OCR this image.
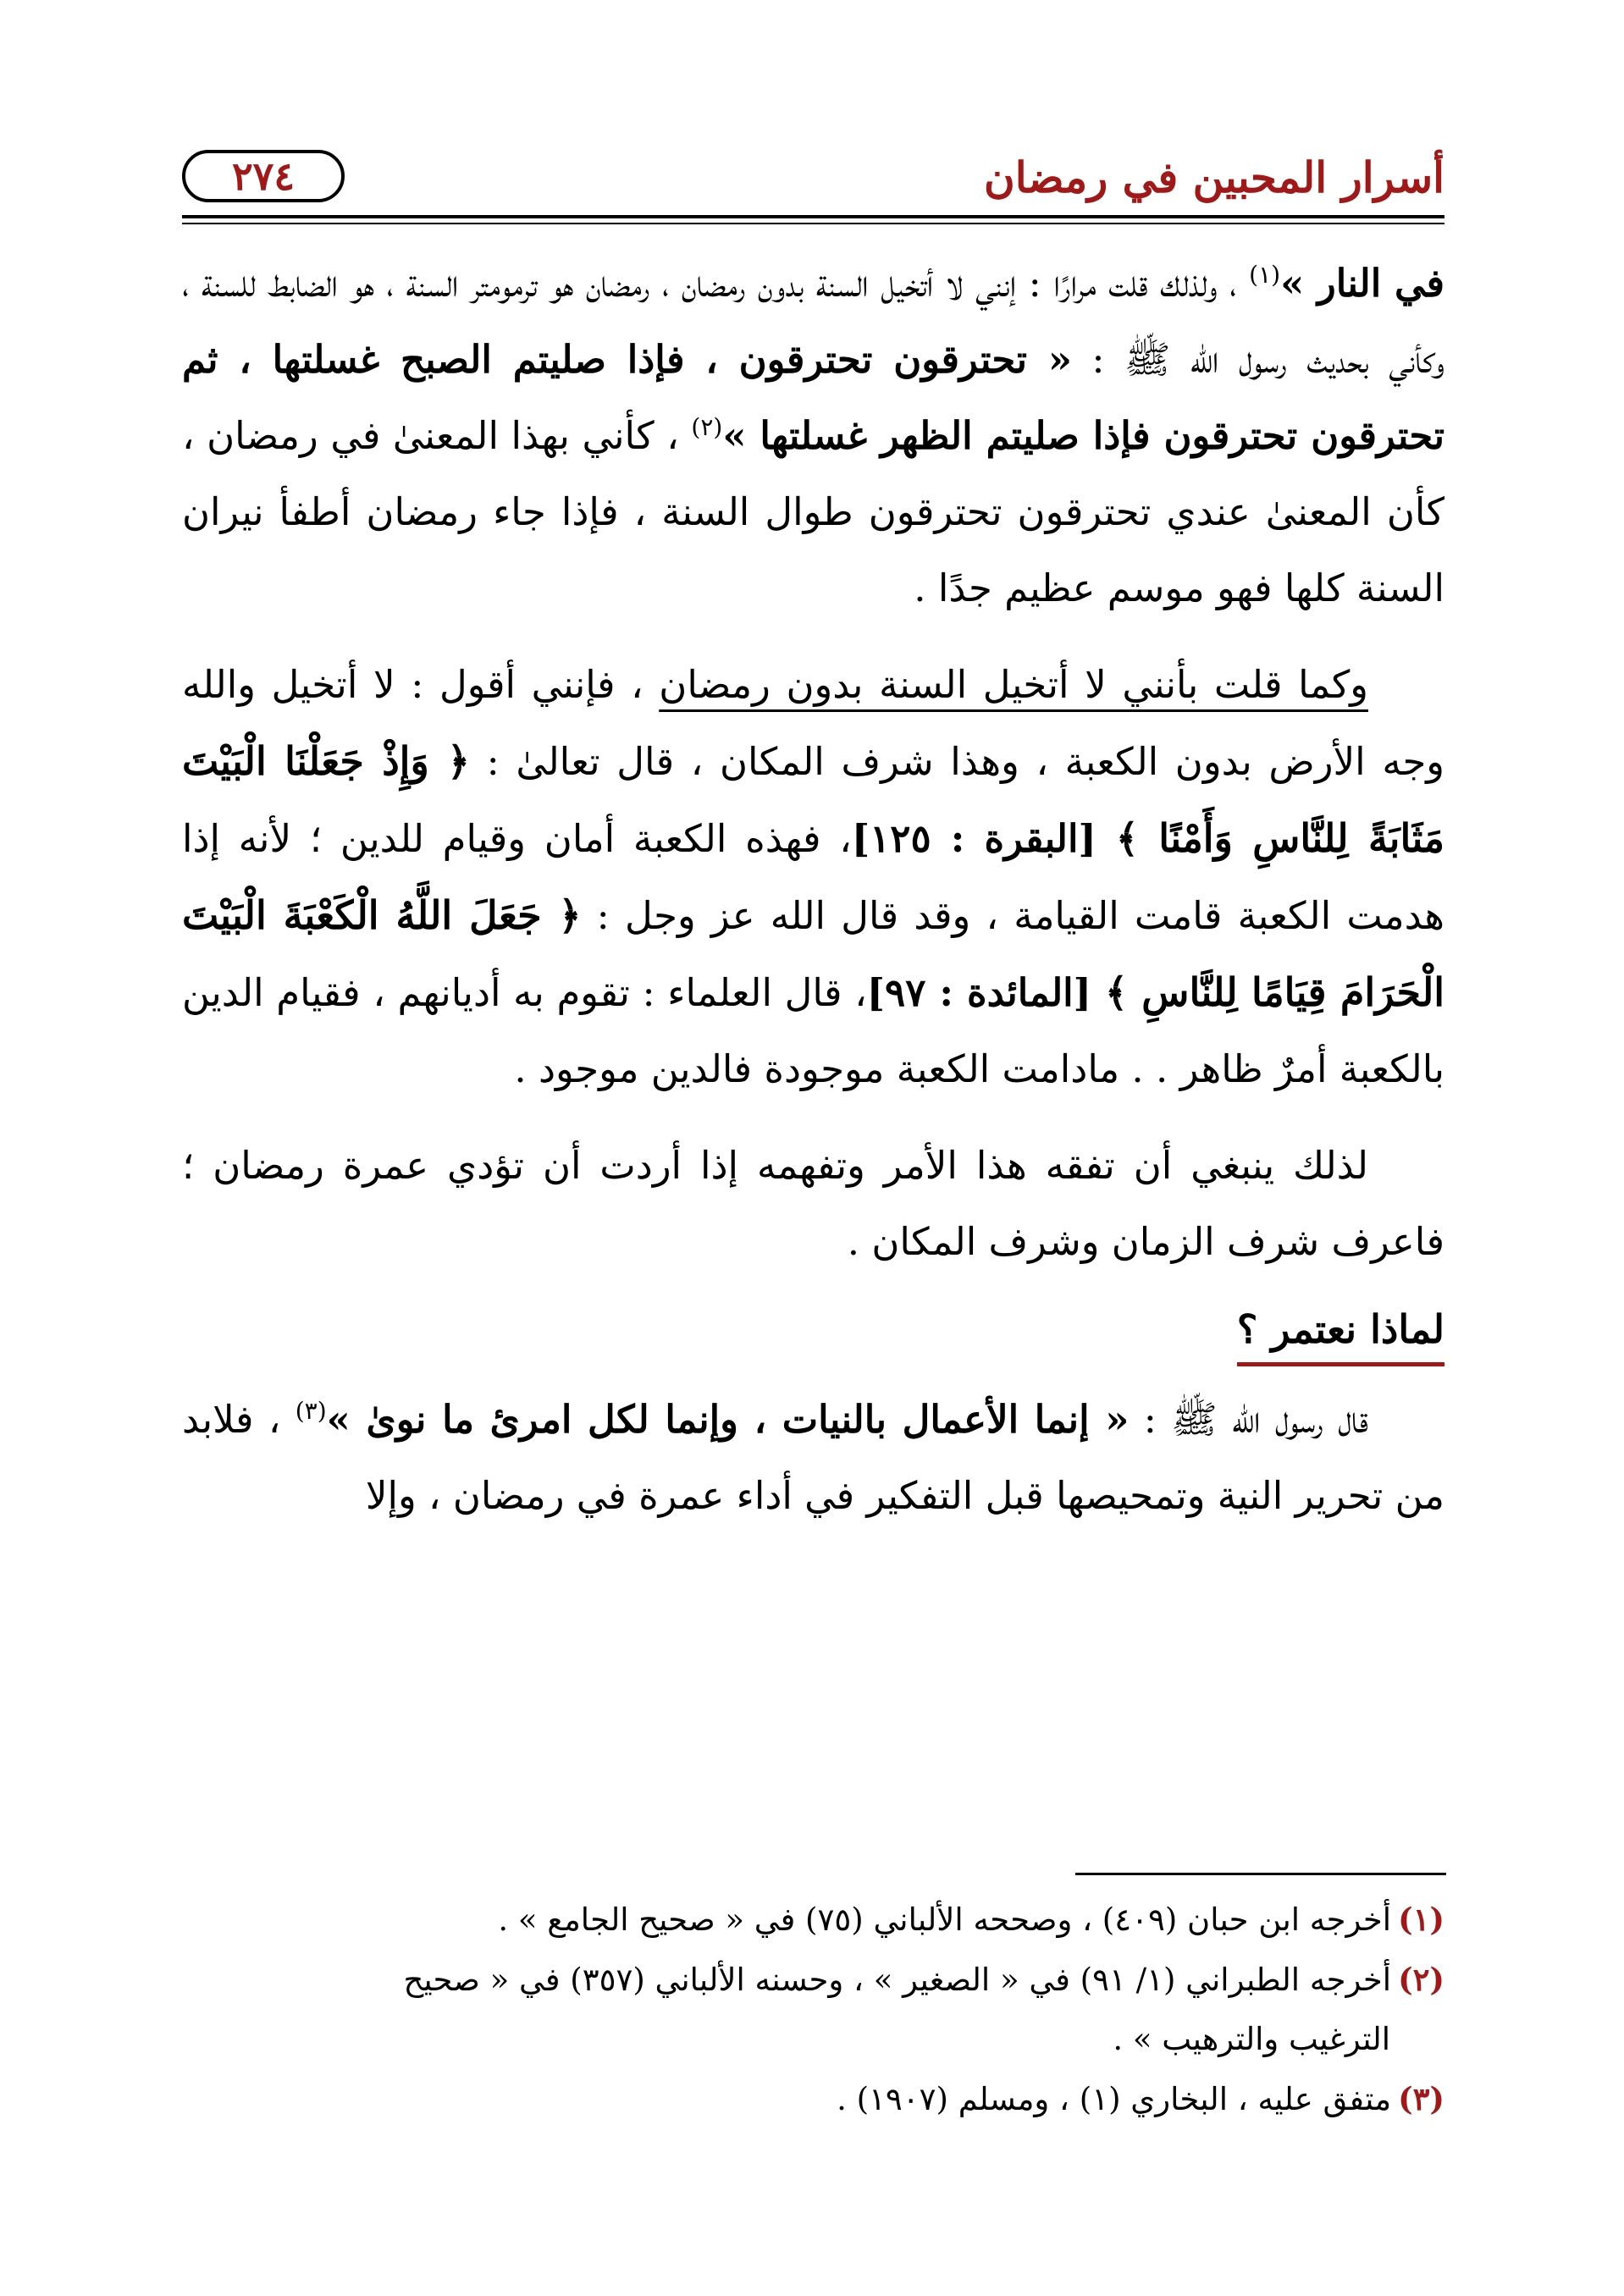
أسرار المحبين في رمضان
٢٧٤

في النار »$^{(١)}$ ، ولذلك قلت مرارًا : إنني لا أتخيل السنة بدون رمضان ، رمضان هو ترمومتر السنة ، هو الضابط للسنة ، وكأني بحديث رسول الله ﷺ : « تحترقون تحترقون ، فإذا صليتم الصبح غسلتها ، ثم تحترقون تحترقون فإذا صليتم الظهر غسلتها »$^{(٢)}$ ، كأني بهذا المعنىٰ في رمضان ، كأن المعنىٰ عندي تحترقون تحترقون طوال السنة ، فإذا جاء رمضان أطفأ نيران السنة كلها فهو موسم عظيم جدًا .

وكما قلت بأنني لا أتخيل السنة بدون رمضان ، فإنني أقول : لا أتخيل والله وجه الأرض بدون الكعبة ، وهذا شرف المكان ، قال تعالىٰ : ﴿ وَإِذْ جَعَلْنَا الْبَيْتَ مَثَابَةً لِلنَّاسِ وَأَمْنًا ﴾ [البقرة : ١٢٥]، فهذه الكعبة أمان وقيام للدين ؛ لأنه إذا هدمت الكعبة قامت القيامة ، وقد قال الله عز وجل : ﴿ جَعَلَ اللَّهُ الْكَعْبَةَ الْبَيْتَ الْحَرَامَ قِيَامًا لِلنَّاسِ ﴾ [المائدة : ٩٧]، قال العلماء : تقوم به أديانهم ، فقيام الدين بالكعبة أمرٌ ظاهر . . مادامت الكعبة موجودة فالدين موجود .

لذلك ينبغي أن تفقه هذا الأمر وتفهمه إذا أردت أن تؤدي عمرة رمضان ؛ فاعرف شرف الزمان وشرف المكان .

لماذا نعتمر ؟

قال رسول الله ﷺ : « إنما الأعمال بالنيات ، وإنما لكل امرئ ما نوىٰ »$^{(٣)}$ ، فلابد من تحرير النية وتمحيصها قبل التفكير في أداء عمرة في رمضان ، وإلا

(١)أخرجه ابن حبان (٤٠٩) ، وصححه الألباني (٧٥) في « صحيح الجامع » .

(٢)أخرجه الطبراني (١/ ٩١) في « الصغير » ، وحسنه الألباني (٣٥٧) في « صحيح

الترغيب والترهيب » .

(٣)متفق عليه ، البخاري (١) ، ومسلم (١٩٠٧) .
